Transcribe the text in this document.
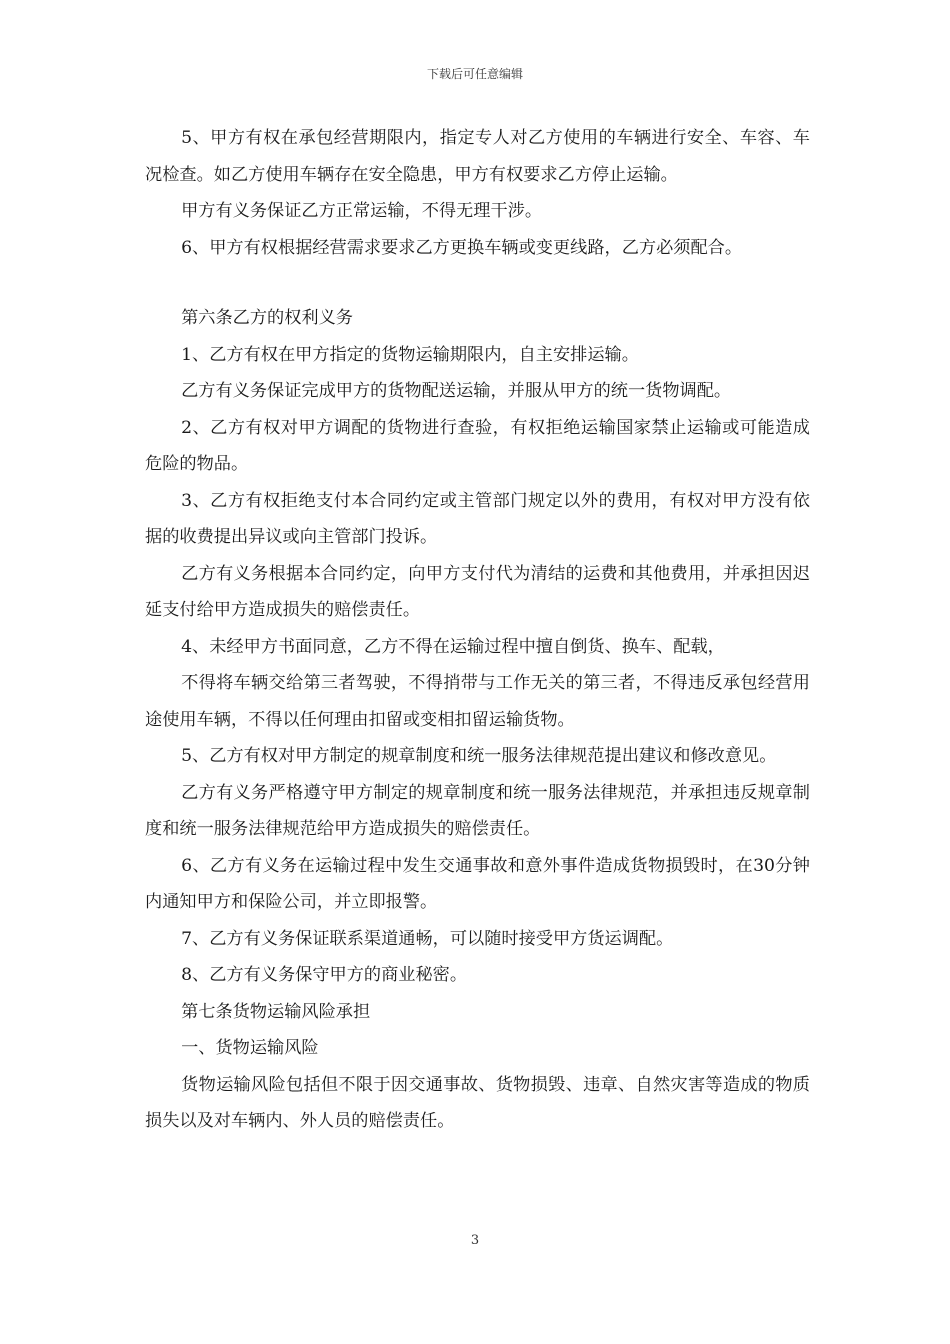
下载后可任意编辑

5、甲方有权在承包经营期限内，指定专人对乙方使用的车辆进行安全、车容、车况检查。如乙方使用车辆存在安全隐患，甲方有权要求乙方停止运输。

甲方有义务保证乙方正常运输，不得无理干涉。

6、甲方有权根据经营需求要求乙方更换车辆或变更线路，乙方必须配合。

第六条乙方的权利义务

1、乙方有权在甲方指定的货物运输期限内，自主安排运输。

乙方有义务保证完成甲方的货物配送运输，并服从甲方的统一货物调配。

2、乙方有权对甲方调配的货物进行查验，有权拒绝运输国家禁止运输或可能造成危险的物品。

3、乙方有权拒绝支付本合同约定或主管部门规定以外的费用，有权对甲方没有依据的收费提出异议或向主管部门投诉。

乙方有义务根据本合同约定，向甲方支付代为清结的运费和其他费用，并承担因迟延支付给甲方造成损失的赔偿责任。

4、未经甲方书面同意，乙方不得在运输过程中擅自倒货、换车、配载，

不得将车辆交给第三者驾驶，不得捎带与工作无关的第三者，不得违反承包经营用途使用车辆，不得以任何理由扣留或变相扣留运输货物。

5、乙方有权对甲方制定的规章制度和统一服务法律规范提出建议和修改意见。

乙方有义务严格遵守甲方制定的规章制度和统一服务法律规范，并承担违反规章制度和统一服务法律规范给甲方造成损失的赔偿责任。

6、乙方有义务在运输过程中发生交通事故和意外事件造成货物损毁时，在30分钟内通知甲方和保险公司，并立即报警。

7、乙方有义务保证联系渠道通畅，可以随时接受甲方货运调配。

8、乙方有义务保守甲方的商业秘密。

第七条货物运输风险承担

一、货物运输风险

货物运输风险包括但不限于因交通事故、货物损毁、违章、自然灾害等造成的物质损失以及对车辆内、外人员的赔偿责任。

3
